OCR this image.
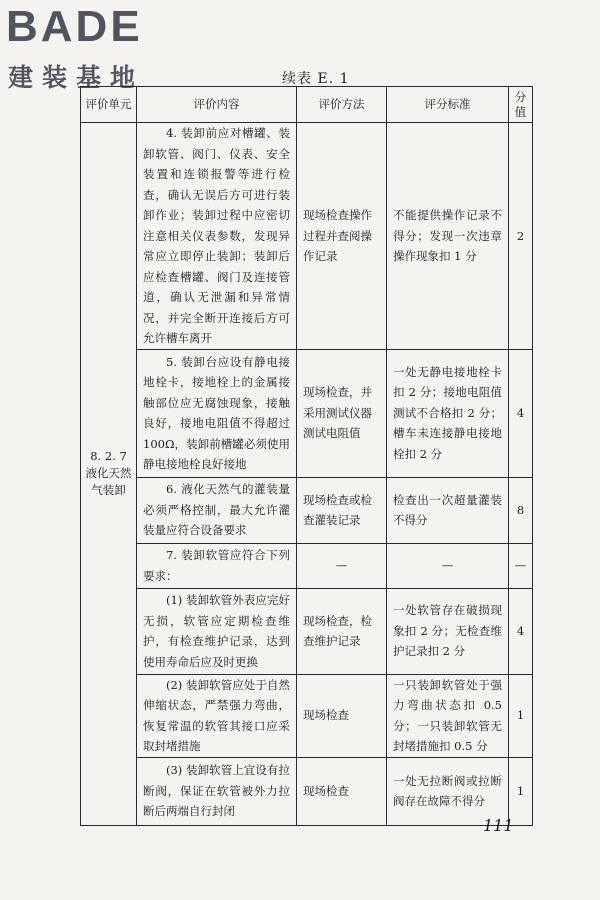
BADE
建装基地	续表 E. 1
评价单元	评价内容	评价方法	评分标准	分值

8. 2. 7
液化天然气装卸	4. 装卸前应对槽罐、装卸软管、阀门、仪表、安全装置和连锁报警等进行检查，确认无误后方可进行装卸作业；装卸过程中应密切注意相关仪表参数，发现异常应立即停止装卸；装卸后应检查槽罐、阀门及连接管道，确认无泄漏和异常情况，并完全断开连接后方可允许槽车离开	现场检查操作过程并查阅操作记录	不能提供操作记录不得分；发现一次违章操作现象扣 1 分	2
	5. 装卸台应设有静电接地栓卡，接地栓上的金属接触部位应无腐蚀现象，接触良好，接地电阻值不得超过100Ω，装卸前槽罐必须使用静电接地栓良好接地	现场检查，并采用测试仪器测试电阻值	一处无静电接地栓卡扣 2 分；接地电阻值测试不合格扣 2 分；槽车未连接静电接地栓扣 2 分	4
	6. 液化天然气的灌装量必须严格控制，最大允许灌装量应符合设备要求	现场检查或检查灌装记录	检查出一次超量灌装不得分	8
	7. 装卸软管应符合下列要求：	—	—	—
	(1) 装卸软管外表应完好无损，软管应定期检查维护，有检查维护记录，达到使用寿命后应及时更换	现场检查，检查维护记录	一处软管存在破损现象扣 2 分；无检查维护记录扣 2 分	4
	(2) 装卸软管应处于自然伸缩状态，严禁强力弯曲，恢复常温的软管其接口应采取封堵措施	现场检查	一只装卸软管处于强力弯曲状态扣 0.5 分；一只装卸软管无封堵措施扣 0.5 分	1
	(3) 装卸软管上宜设有拉断阀，保证在软管被外力拉断后两端自行封闭	现场检查	一处无拉断阀或拉断阀存在故障不得分	1
111
